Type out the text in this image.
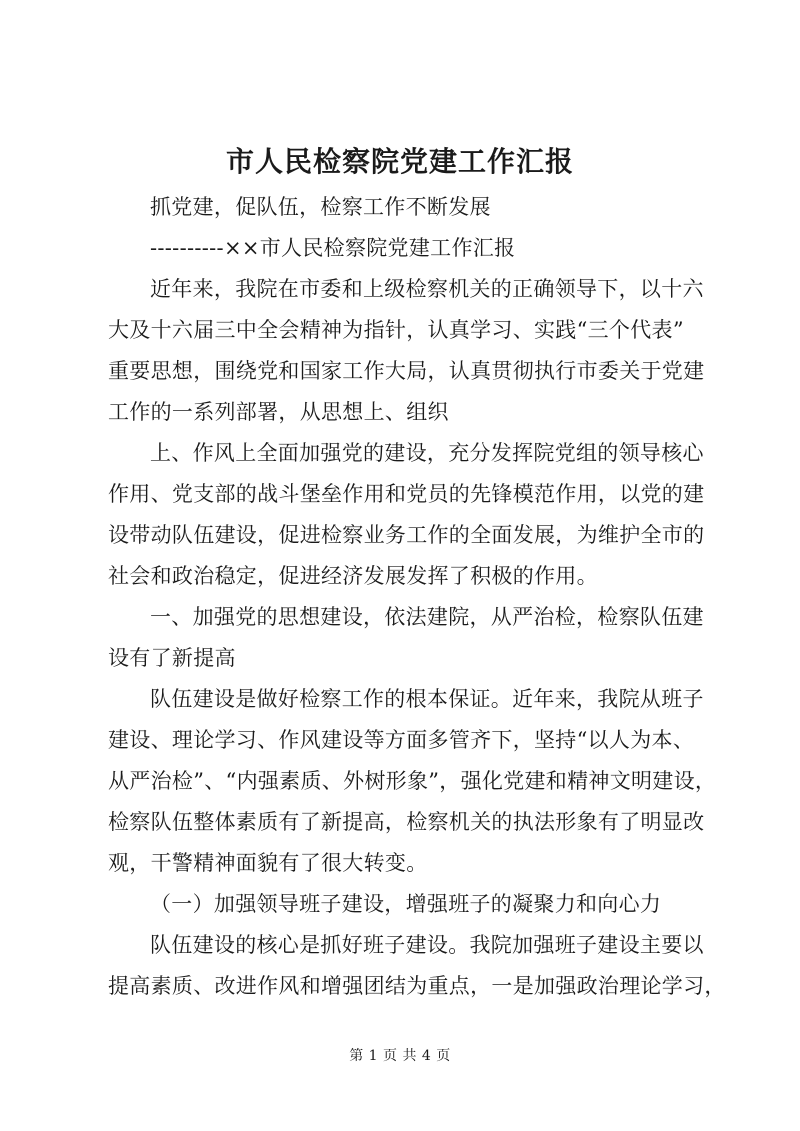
市人民检察院党建工作汇报
抓党建，促队伍，检察工作不断发展
----------××市人民检察院党建工作汇报
近年来，我院在市委和上级检察机关的正确领导下，以十六
大及十六届三中全会精神为指针，认真学习、实践“三个代表”
重要思想，围绕党和国家工作大局，认真贯彻执行市委关于党建
工作的一系列部署，从思想上、组织
上、作风上全面加强党的建设，充分发挥院党组的领导核心
作用、党支部的战斗堡垒作用和党员的先锋模范作用，以党的建
设带动队伍建设，促进检察业务工作的全面发展，为维护全市的
社会和政治稳定，促进经济发展发挥了积极的作用。
一、加强党的思想建设，依法建院，从严治检，检察队伍建
设有了新提高
队伍建设是做好检察工作的根本保证。近年来，我院从班子
建设、理论学习、作风建设等方面多管齐下，坚持“以人为本、
从严治检”、“内强素质、外树形象”，强化党建和精神文明建设，
检察队伍整体素质有了新提高，检察机关的执法形象有了明显改
观，干警精神面貌有了很大转变。
（一）加强领导班子建设，增强班子的凝聚力和向心力
队伍建设的核心是抓好班子建设。我院加强班子建设主要以
提高素质、改进作风和增强团结为重点，一是加强政治理论学习，
第 1 页 共 4 页
